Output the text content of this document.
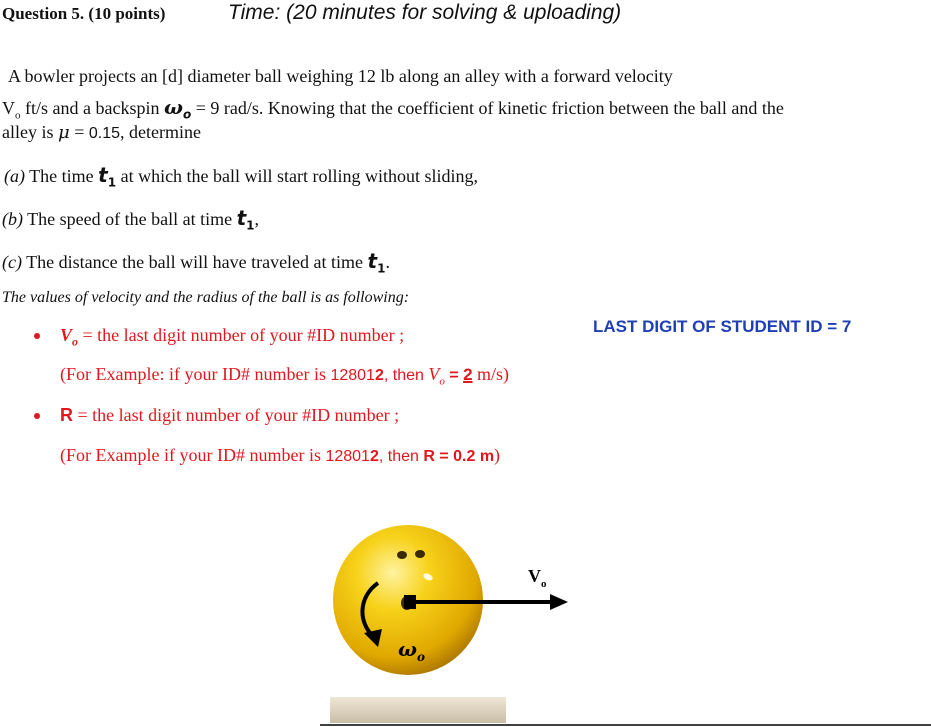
Question 5. (10 points)	Time: (20 minutes for solving & uploading)
A bowler projects an [d] diameter ball weighing 12 lb along an alley with a forward velocity
$V_o$ ft/s and a backspin $\omega_o = 9$ rad/s. Knowing that the coefficient of kinetic friction between the ball and the
alley is μ = 0.15, determine
(a) The time $t_1$ at which the ball will start rolling without sliding,
(b) The speed of the ball at time $t_1$,
(c) The distance the ball will have traveled at time $t_1$.
The values of velocity and the radius of the ball is as following:
$V_o$ = the last digit number of your #ID number ;
(For Example: if your ID# number is 128012, then $V_o = 2$ m/s)
R = the last digit number of your #ID number ;
(For Example if your ID# number is 128012, then R = 0.2 m)
LAST DIGIT OF STUDENT ID = 7
$V_o$
$\omega_o$
